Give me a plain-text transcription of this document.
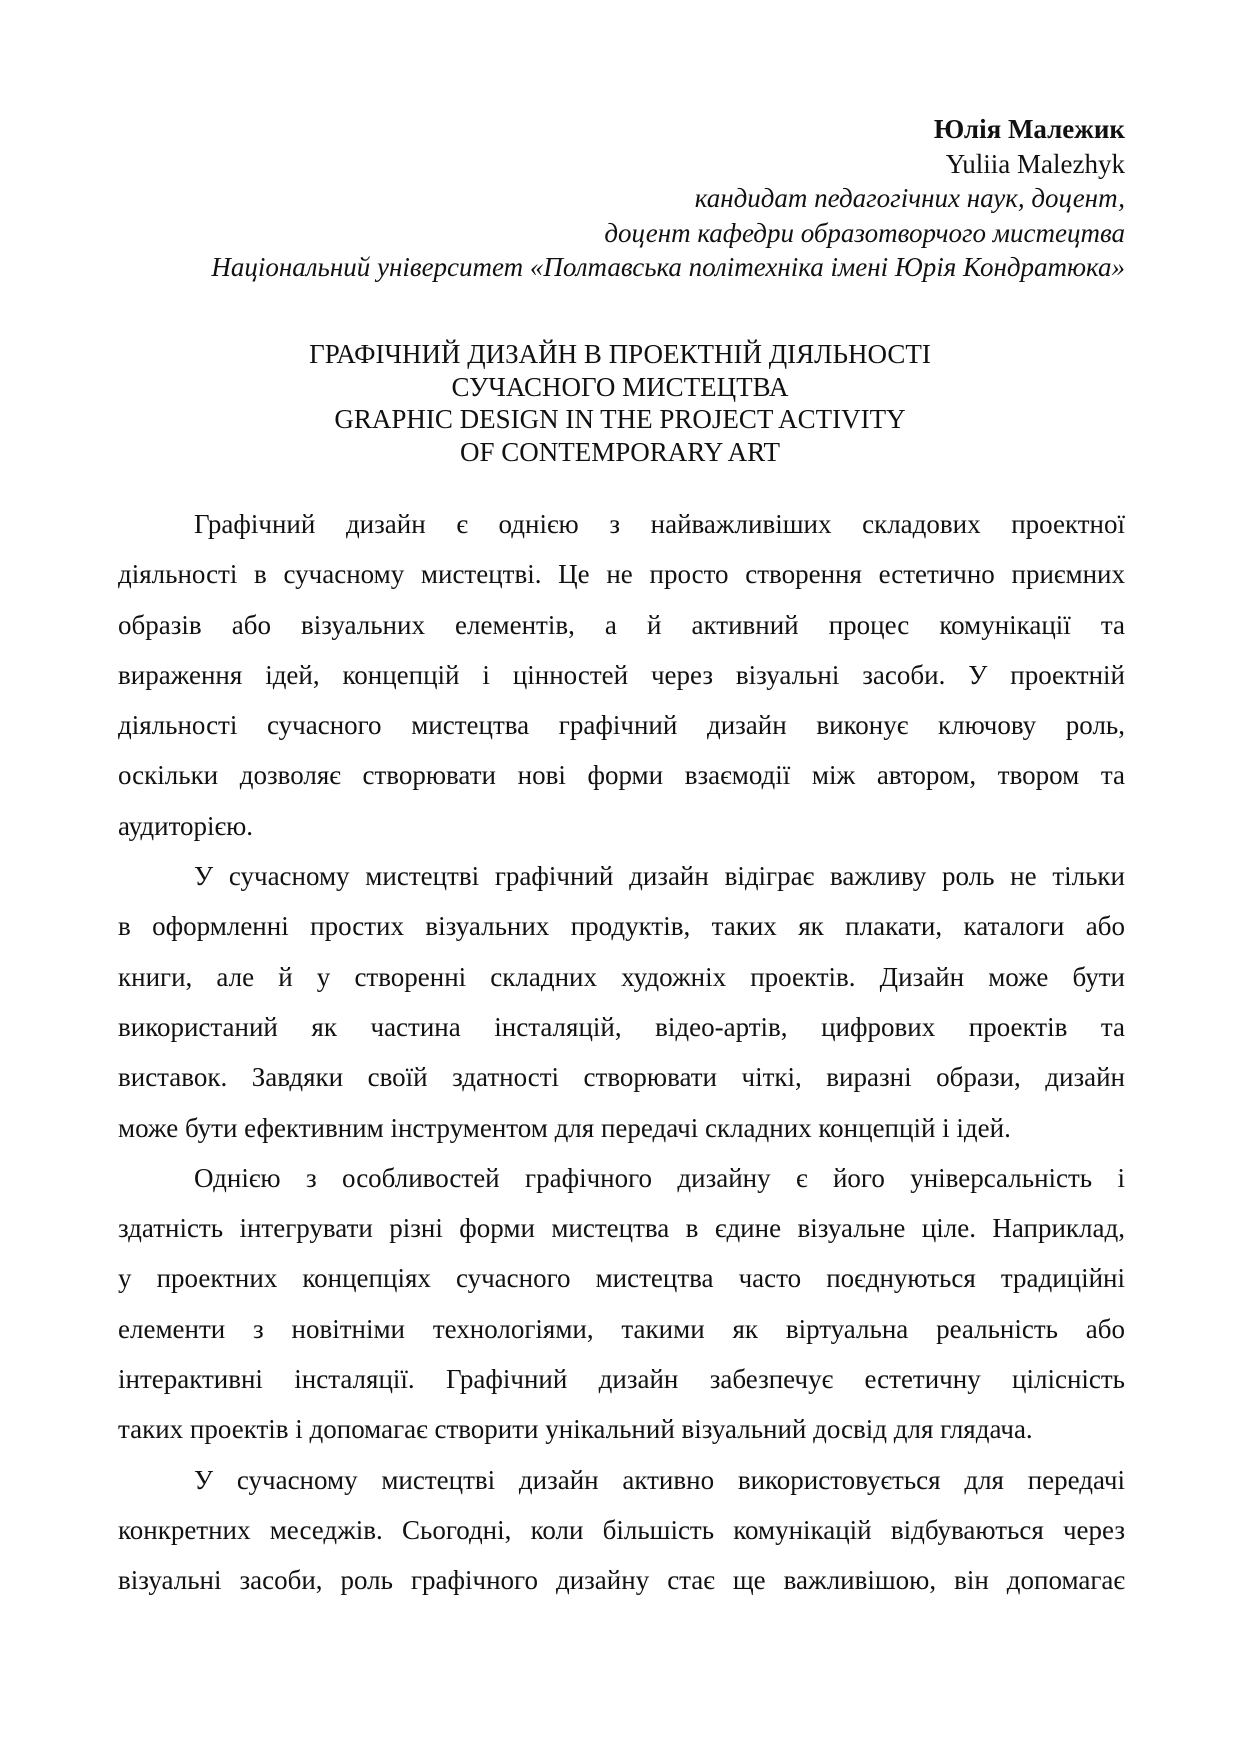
Юлія Малежик
Yuliia Malezhyk
кандидат педагогічних наук, доцент,
доцент кафедри образотворчого мистецтва
Національний університет «Полтавська політехніка імені Юрія Кондратюка»
ГРАФІЧНИЙ ДИЗАЙН В ПРОЕКТНІЙ ДІЯЛЬНОСТІ
СУЧАСНОГО МИСТЕЦТВА
GRAPHIC DESIGN IN THE PROJECT ACTIVITY
OF CONTEMPORARY ART
Графічний дизайн є однією з найважливіших складових проектної
діяльності в сучасному мистецтві. Це не просто створення естетично приємних
образів або візуальних елементів, а й активний процес комунікації та
вираження ідей, концепцій і цінностей через візуальні засоби. У проектній
діяльності сучасного мистецтва графічний дизайн виконує ключову роль,
оскільки дозволяє створювати нові форми взаємодії між автором, твором та
аудиторією.
У сучасному мистецтві графічний дизайн відіграє важливу роль не тільки
в оформленні простих візуальних продуктів, таких як плакати, каталоги або
книги, але й у створенні складних художніх проектів. Дизайн може бути
використаний як частина інсталяцій, відео-артів, цифрових проектів та
виставок. Завдяки своїй здатності створювати чіткі, виразні образи, дизайн
може бути ефективним інструментом для передачі складних концепцій і ідей.
Однією з особливостей графічного дизайну є його універсальність і
здатність інтегрувати різні форми мистецтва в єдине візуальне ціле. Наприклад,
у проектних концепціях сучасного мистецтва часто поєднуються традиційні
елементи з новітніми технологіями, такими як віртуальна реальність або
інтерактивні інсталяції. Графічний дизайн забезпечує естетичну цілісність
таких проектів і допомагає створити унікальний візуальний досвід для глядача.
У сучасному мистецтві дизайн активно використовується для передачі
конкретних меседжів. Сьогодні, коли більшість комунікацій відбуваються через
візуальні засоби, роль графічного дизайну стає ще важливішою, він допомагає
